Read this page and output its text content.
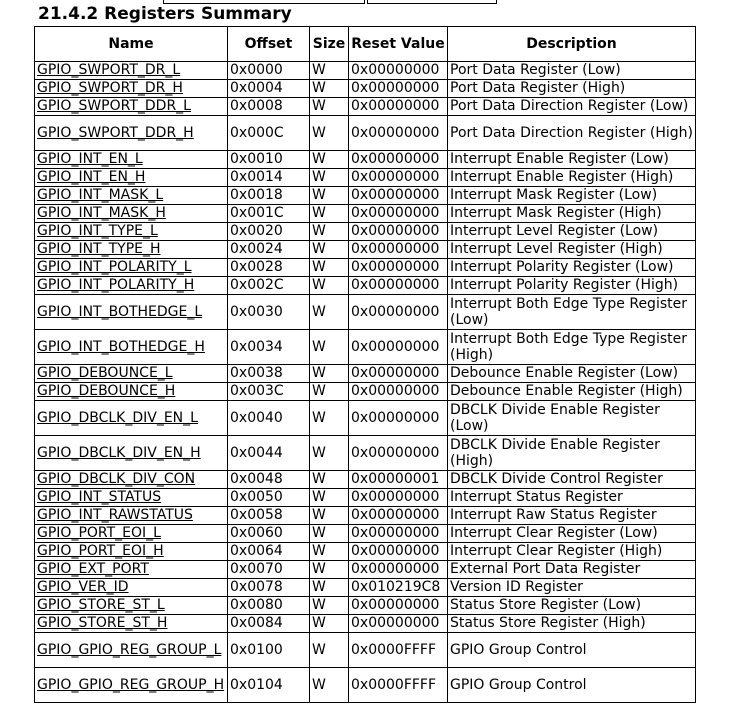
21.4.2 Registers Summary
Name	Offset	Size	Reset Value	Description
GPIO_SWPORT_DR_L	0x0000	W	0x00000000	Port Data Register (Low)
GPIO_SWPORT_DR_H	0x0004	W	0x00000000	Port Data Register (High)
GPIO_SWPORT_DDR_L	0x0008	W	0x00000000	Port Data Direction Register (Low)
GPIO_SWPORT_DDR_H	0x000C	W	0x00000000	Port Data Direction Register (High)
GPIO_INT_EN_L	0x0010	W	0x00000000	Interrupt Enable Register (Low)
GPIO_INT_EN_H	0x0014	W	0x00000000	Interrupt Enable Register (High)
GPIO_INT_MASK_L	0x0018	W	0x00000000	Interrupt Mask Register (Low)
GPIO_INT_MASK_H	0x001C	W	0x00000000	Interrupt Mask Register (High)
GPIO_INT_TYPE_L	0x0020	W	0x00000000	Interrupt Level Register (Low)
GPIO_INT_TYPE_H	0x0024	W	0x00000000	Interrupt Level Register (High)
GPIO_INT_POLARITY_L	0x0028	W	0x00000000	Interrupt Polarity Register (Low)
GPIO_INT_POLARITY_H	0x002C	W	0x00000000	Interrupt Polarity Register (High)
GPIO_INT_BOTHEDGE_L	0x0030	W	0x00000000	Interrupt Both Edge Type Register (Low)
GPIO_INT_BOTHEDGE_H	0x0034	W	0x00000000	Interrupt Both Edge Type Register (High)
GPIO_DEBOUNCE_L	0x0038	W	0x00000000	Debounce Enable Register (Low)
GPIO_DEBOUNCE_H	0x003C	W	0x00000000	Debounce Enable Register (High)
GPIO_DBCLK_DIV_EN_L	0x0040	W	0x00000000	DBCLK Divide Enable Register (Low)
GPIO_DBCLK_DIV_EN_H	0x0044	W	0x00000000	DBCLK Divide Enable Register (High)
GPIO_DBCLK_DIV_CON	0x0048	W	0x00000001	DBCLK Divide Control Register
GPIO_INT_STATUS	0x0050	W	0x00000000	Interrupt Status Register
GPIO_INT_RAWSTATUS	0x0058	W	0x00000000	Interrupt Raw Status Register
GPIO_PORT_EOI_L	0x0060	W	0x00000000	Interrupt Clear Register (Low)
GPIO_PORT_EOI_H	0x0064	W	0x00000000	Interrupt Clear Register (High)
GPIO_EXT_PORT	0x0070	W	0x00000000	External Port Data Register
GPIO_VER_ID	0x0078	W	0x010219C8	Version ID Register
GPIO_STORE_ST_L	0x0080	W	0x00000000	Status Store Register (Low)
GPIO_STORE_ST_H	0x0084	W	0x00000000	Status Store Register (High)
GPIO_GPIO_REG_GROUP_L	0x0100	W	0x0000FFFF	GPIO Group Control
GPIO_GPIO_REG_GROUP_H	0x0104	W	0x0000FFFF	GPIO Group Control
